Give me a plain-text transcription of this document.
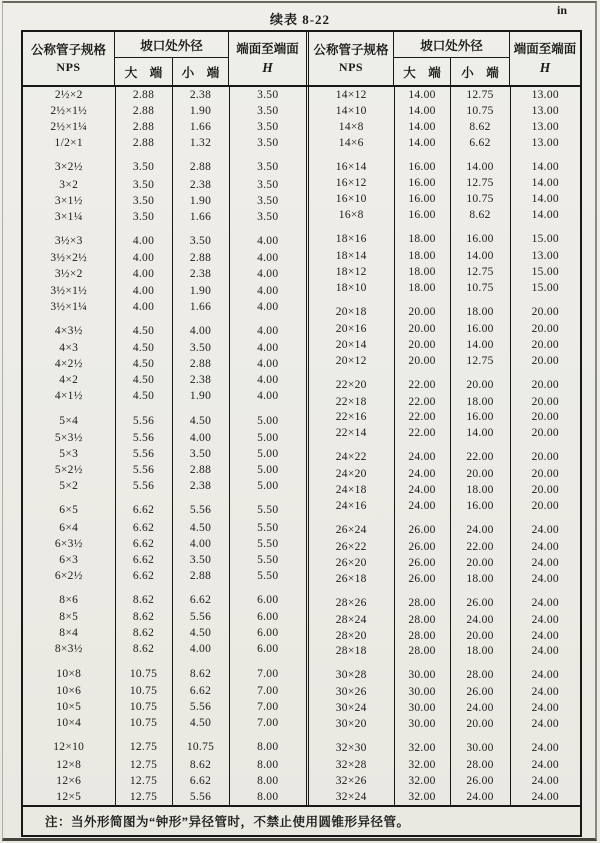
续表 8-22
in
公称管子规格
NPS
坡口处外径
大　端	小　端
端面至端面
H
公称管子规格
NPS
坡口处外径
大　端	小　端
端面至端面
H
2½×2	2.88	2.38	3.50
2½×1½	2.88	1.90	3.50
2½×1¼	2.88	1.66	3.50
1/2×1	2.88	1.32	3.50
3×2½	3.50	2.88	3.50
3×2	3.50	2.38	3.50
3×1½	3.50	1.90	3.50
3×1¼	3.50	1.66	3.50
3½×3	4.00	3.50	4.00
3½×2½	4.00	2.88	4.00
3½×2	4.00	2.38	4.00
3½×1½	4.00	1.90	4.00
3½×1¼	4.00	1.66	4.00
4×3½	4.50	4.00	4.00
4×3	4.50	3.50	4.00
4×2½	4.50	2.88	4.00
4×2	4.50	2.38	4.00
4×1½	4.50	1.90	4.00
5×4	5.56	4.50	5.00
5×3½	5.56	4.00	5.00
5×3	5.56	3.50	5.00
5×2½	5.56	2.88	5.00
5×2	5.56	2.38	5.00
6×5	6.62	5.56	5.50
6×4	6.62	4.50	5.50
6×3½	6.62	4.00	5.50
6×3	6.62	3.50	5.50
6×2½	6.62	2.88	5.50
8×6	8.62	6.62	6.00
8×5	8.62	5.56	6.00
8×4	8.62	4.50	6.00
8×3½	8.62	4.00	6.00
10×8	10.75	8.62	7.00
10×6	10.75	6.62	7.00
10×5	10.75	5.56	7.00
10×4	10.75	4.50	7.00
12×10	12.75	10.75	8.00
12×8	12.75	8.62	8.00
12×6	12.75	6.62	8.00
12×5	12.75	5.56	8.00
14×12	14.00	12.75	13.00
14×10	14.00	10.75	13.00
14×8	14.00	8.62	13.00
14×6	14.00	6.62	13.00
16×14	16.00	14.00	14.00
16×12	16.00	12.75	14.00
16×10	16.00	10.75	14.00
16×8	16.00	8.62	14.00
18×16	18.00	16.00	15.00
18×14	18.00	14.00	13.00
18×12	18.00	12.75	15.00
18×10	18.00	10.75	15.00
20×18	20.00	18.00	20.00
20×16	20.00	16.00	20.00
20×14	20.00	14.00	20.00
20×12	20.00	12.75	20.00
22×20	22.00	20.00	20.00
22×18	22.00	18.00	20.00
22×16	22.00	16.00	20.00
22×14	22.00	14.00	20.00
24×22	24.00	22.00	20.00
24×20	24.00	20.00	20.00
24×18	24.00	18.00	20.00
24×16	24.00	16.00	20.00
26×24	26.00	24.00	24.00
26×22	26.00	22.00	24.00
26×20	26.00	20.00	24.00
26×18	26.00	18.00	24.00
28×26	28.00	26.00	24.00
28×24	28.00	24.00	24.00
28×20	28.00	20.00	24.00
28×18	28.00	18.00	24.00
30×28	30.00	28.00	24.00
30×26	30.00	26.00	24.00
30×24	30.00	24.00	24.00
30×20	30.00	20.00	24.00
32×30	32.00	30.00	24.00
32×28	32.00	28.00	24.00
32×26	32.00	26.00	24.00
32×24	32.00	24.00	24.00
注：当外形简图为“钟形”异径管时，不禁止使用圆锥形异径管。
